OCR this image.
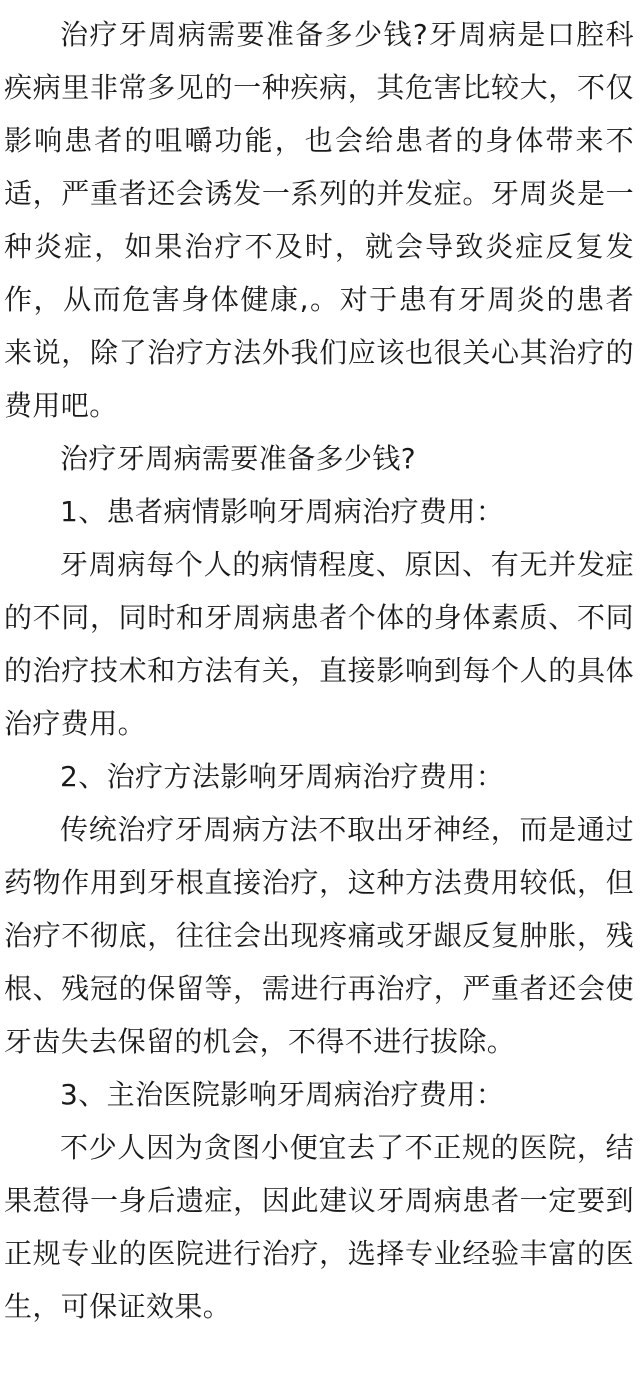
治疗牙周病需要准备多少钱?牙周病是口腔科疾病里非常多见的一种疾病，其危害比较大，不仅影响患者的咀嚼功能，也会给患者的身体带来不适，严重者还会诱发一系列的并发症。牙周炎是一种炎症，如果治疗不及时，就会导致炎症反复发作，从而危害身体健康,。对于患有牙周炎的患者来说，除了治疗方法外我们应该也很关心其治疗的费用吧。

治疗牙周病需要准备多少钱?

1、患者病情影响牙周病治疗费用：

牙周病每个人的病情程度、原因、有无并发症的不同，同时和牙周病患者个体的身体素质、不同的治疗技术和方法有关，直接影响到每个人的具体治疗费用。

2、治疗方法影响牙周病治疗费用：

传统治疗牙周病方法不取出牙神经，而是通过药物作用到牙根直接治疗，这种方法费用较低，但治疗不彻底，往往会出现疼痛或牙龈反复肿胀，残根、残冠的保留等，需进行再治疗，严重者还会使牙齿失去保留的机会，不得不进行拔除。

3、主治医院影响牙周病治疗费用：

不少人因为贪图小便宜去了不正规的医院，结果惹得一身后遗症，因此建议牙周病患者一定要到正规专业的医院进行治疗，选择专业经验丰富的医生，可保证效果。
